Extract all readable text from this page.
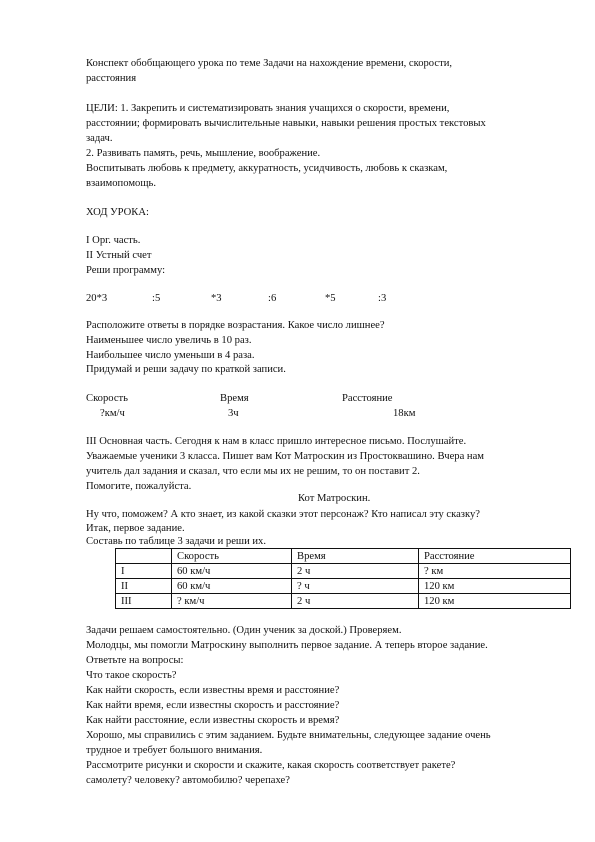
Конспект обобщающего урока по теме Задачи на нахождение времени, скорости,
расстояния
ЦЕЛИ: 1. Закрепить и систематизировать знания учащихся о скорости, времени,
расстоянии; формировать вычислительные навыки, навыки решения простых текстовых
задач.
2. Развивать память, речь, мышление, воображение.
Воспитывать любовь к предмету, аккуратность, усидчивость, любовь к сказкам,
взаимопомощь.
ХОД УРОКА:
I Орг. часть.
II Устный счет
Реши программу:
20*3	:5	*3	:6	*5	:3
Расположите ответы в порядке возрастания. Какое число лишнее?
Наименьшее число увеличь в 10 раз.
Наибольшее число уменьши в 4 раза.
Придумай и реши задачу по краткой записи.
Скорость	Время	Расстояние
?км/ч	3ч	18км
III Основная часть. Сегодня к нам в класс пришло интересное письмо. Послушайте.
Уважаемые ученики 3 класса. Пишет вам Кот Матроскин из Простоквашино. Вчера нам
учитель дал задания и сказал, что если мы их не решим, то он поставит 2.
Помогите, пожалуйста.
Кот Матроскин.
Ну что, поможем? А кто знает, из какой сказки этот персонаж? Кто написал эту сказку?
Итак, первое задание.
Составь по таблице 3 задачи и реши их.
	Скорость	Время	Расстояние
I	60 км/ч	2 ч	? км
II	60 км/ч	? ч	120 км
III	? км/ч	2 ч	120 км
Задачи решаем самостоятельно. (Один ученик за доской.) Проверяем.
Молодцы, мы помогли Матроскину выполнить первое задание. А теперь второе задание.
Ответьте на вопросы:
Что такое скорость?
Как найти скорость, если известны время и расстояние?
Как найти время, если известны скорость и расстояние?
Как найти расстояние, если известны скорость и время?
Хорошо, мы справились с этим заданием. Будьте внимательны, следующее задание очень
трудное и требует большого внимания.
Рассмотрите рисунки и скорости и скажите, какая скорость соответствует ракете?
самолету? человеку? автомобилю? черепахе?
